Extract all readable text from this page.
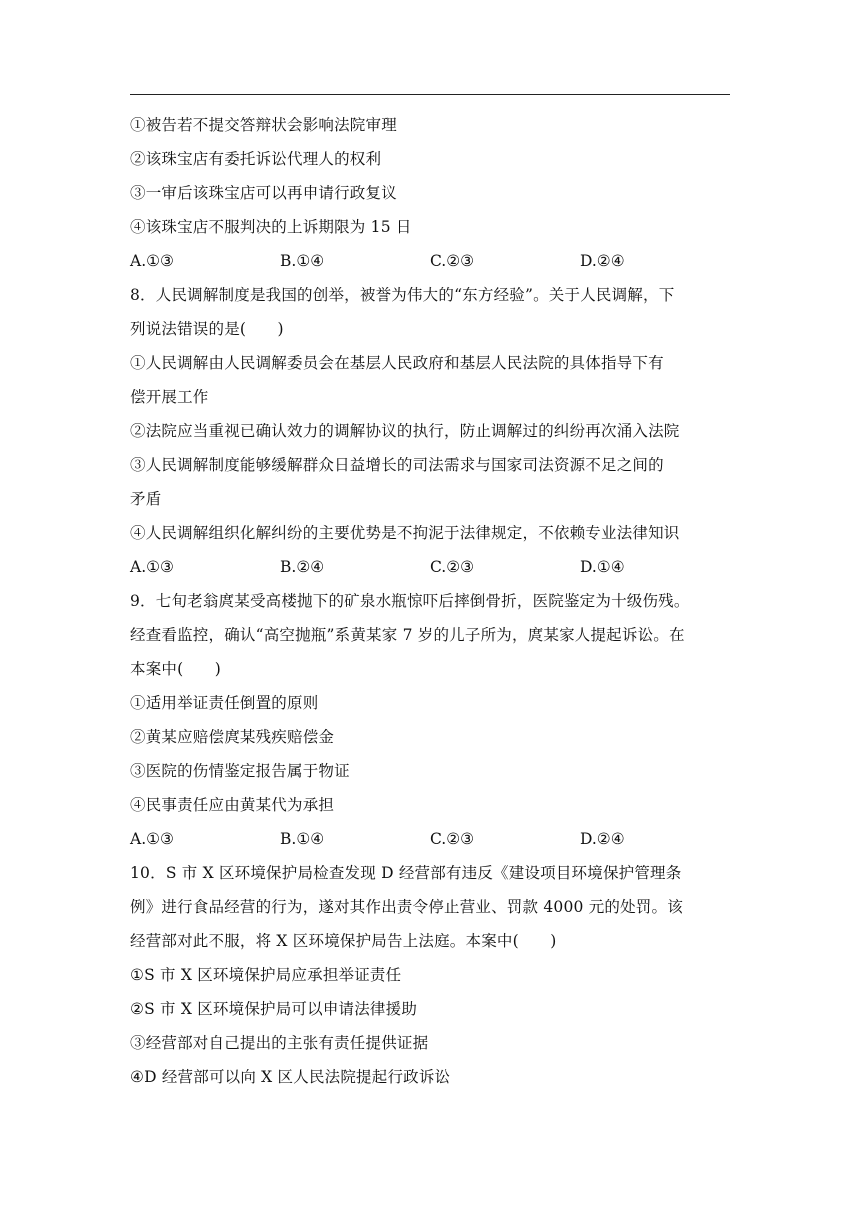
①被告若不提交答辩状会影响法院审理
②该珠宝店有委托诉讼代理人的权利
③一审后该珠宝店可以再申请行政复议
④该珠宝店不服判决的上诉期限为 15 日
A.①③	B.①④	C.②③	D.②④
8．人民调解制度是我国的创举，被誉为伟大的“东方经验”。关于人民调解，下
列说法错误的是(　　)
①人民调解由人民调解委员会在基层人民政府和基层人民法院的具体指导下有
偿开展工作
②法院应当重视已确认效力的调解协议的执行，防止调解过的纠纷再次涌入法院
③人民调解制度能够缓解群众日益增长的司法需求与国家司法资源不足之间的
矛盾
④人民调解组织化解纠纷的主要优势是不拘泥于法律规定，不依赖专业法律知识
A.①③	B.②④	C.②③	D.①④
9．七旬老翁庹某受高楼抛下的矿泉水瓶惊吓后摔倒骨折，医院鉴定为十级伤残。
经查看监控，确认“高空抛瓶”系黄某家 7 岁的儿子所为，庹某家人提起诉讼。在
本案中(　　)
①适用举证责任倒置的原则
②黄某应赔偿庹某残疾赔偿金
③医院的伤情鉴定报告属于物证
④民事责任应由黄某代为承担
A.①③	B.①④	C.②③	D.②④
10．S 市 X 区环境保护局检查发现 D 经营部有违反《建设项目环境保护管理条
例》进行食品经营的行为，遂对其作出责令停止营业、罚款 4000 元的处罚。该
经营部对此不服，将 X 区环境保护局告上法庭。本案中(　　)
①S 市 X 区环境保护局应承担举证责任
②S 市 X 区环境保护局可以申请法律援助
③经营部对自己提出的主张有责任提供证据
④D 经营部可以向 X 区人民法院提起行政诉讼
